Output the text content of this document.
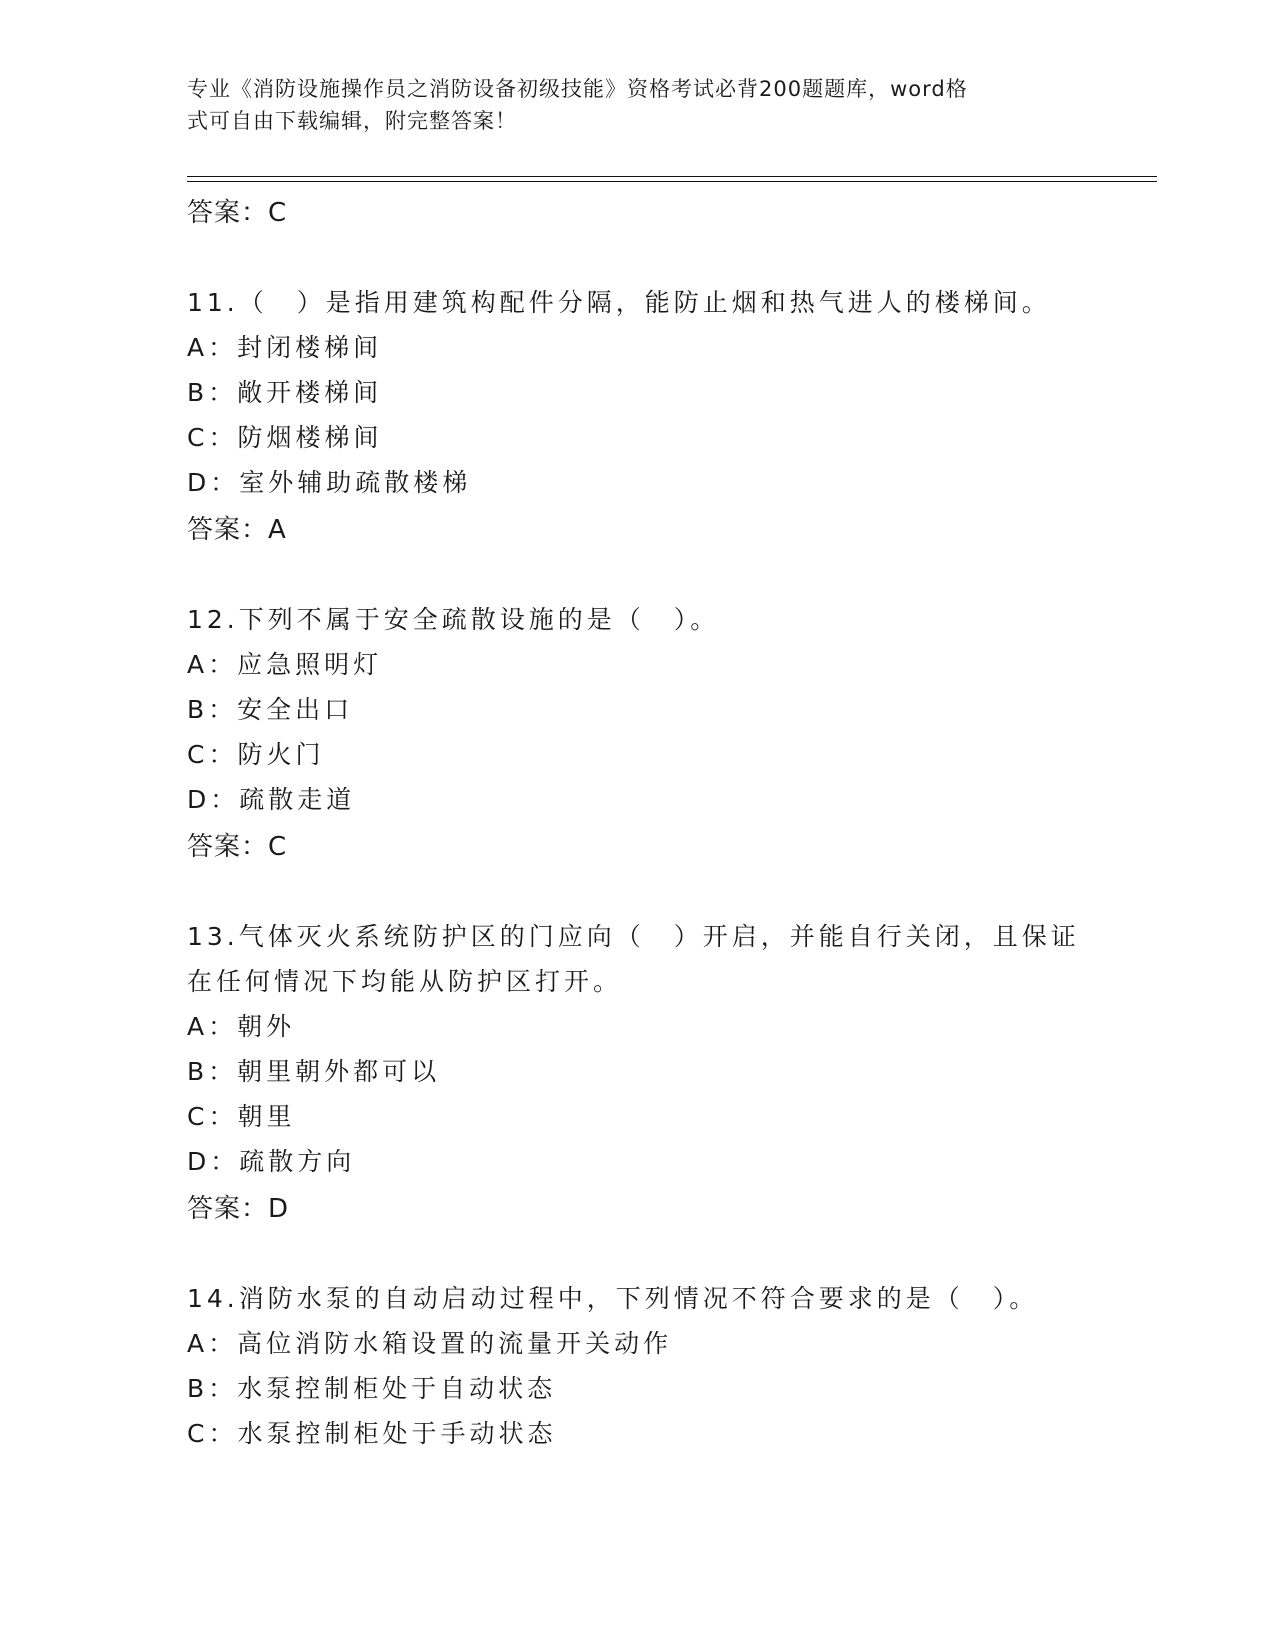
专业《消防设施操作员之消防设备初级技能》资格考试必背200题题库，word格
式可自由下载编辑，附完整答案！
答案：C
11.（　）是指用建筑构配件分隔，能防止烟和热气进人的楼梯间。
A：封闭楼梯间
B：敞开楼梯间
C：防烟楼梯间
D：室外辅助疏散楼梯
答案：A
12.下列不属于安全疏散设施的是（　）。
A：应急照明灯
B：安全出口
C：防火门
D：疏散走道
答案：C
13.气体灭火系统防护区的门应向（　）开启，并能自行关闭，且保证
在任何情况下均能从防护区打开。
A：朝外
B：朝里朝外都可以
C：朝里
D：疏散方向
答案：D
14.消防水泵的自动启动过程中，下列情况不符合要求的是（　）。
A：高位消防水箱设置的流量开关动作
B：水泵控制柜处于自动状态
C：水泵控制柜处于手动状态
